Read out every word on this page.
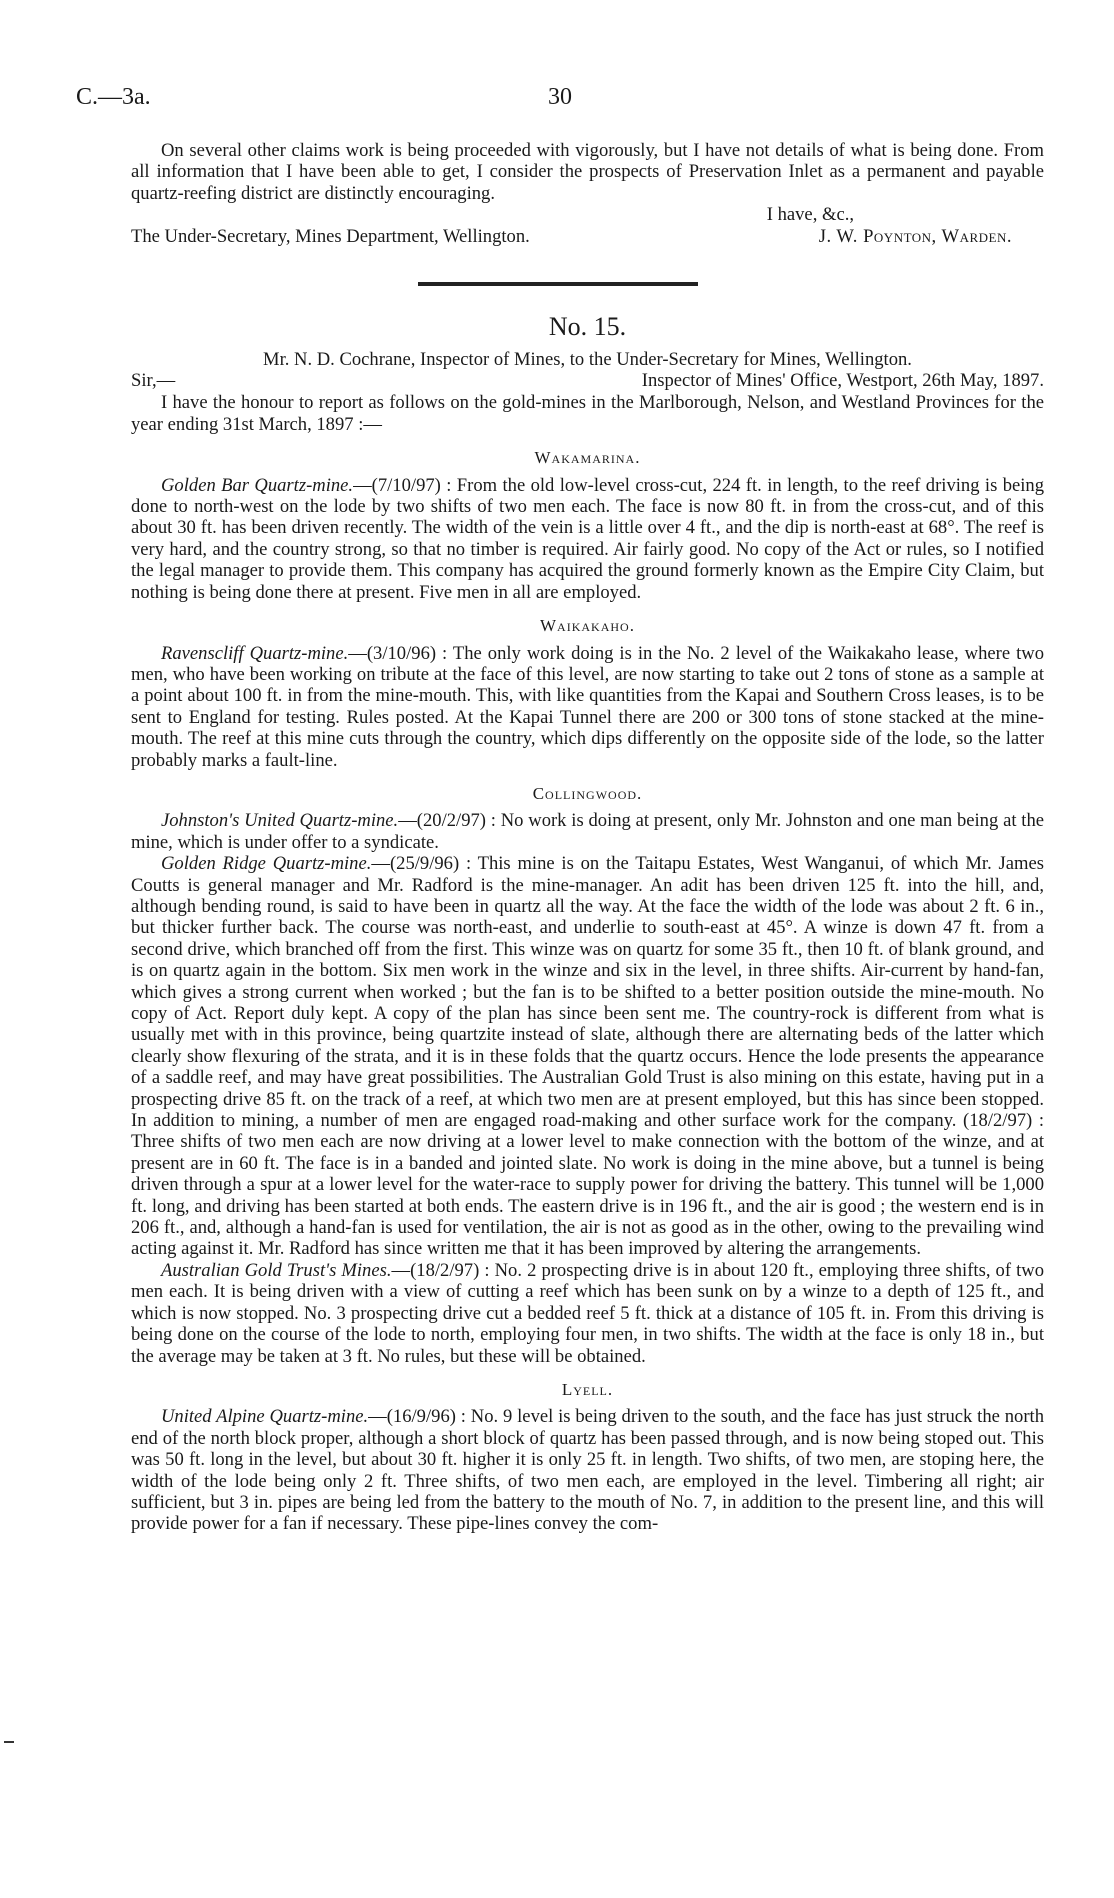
C.—3a.	30

On several other claims work is being proceeded with vigorously, but I have not details of what is being done. From all information that I have been able to get, I consider the prospects of Preservation Inlet as a permanent and payable quartz-reefing district are distinctly encouraging.

I have, &c.,
The Under-Secretary, Mines Department, Wellington.	J. W. Poynton, Warden.
No. 15.
Mr. N. D. Cochrane, Inspector of Mines, to the Under-Secretary for Mines, Wellington.
Sir,—	Inspector of Mines' Office, Westport, 26th May, 1897.

I have the honour to report as follows on the gold-mines in the Marlborough, Nelson, and Westland Provinces for the year ending 31st March, 1897 :—

Wakamarina.

Golden Bar Quartz-mine.—(7/10/97) : From the old low-level cross-cut, 224 ft. in length, to the reef driving is being done to north-west on the lode by two shifts of two men each. The face is now 80 ft. in from the cross-cut, and of this about 30 ft. has been driven recently. The width of the vein is a little over 4 ft., and the dip is north-east at 68°. The reef is very hard, and the country strong, so that no timber is required. Air fairly good. No copy of the Act or rules, so I notified the legal manager to provide them. This company has acquired the ground formerly known as the Empire City Claim, but nothing is being done there at present. Five men in all are employed.

Waikakaho.

Ravenscliff Quartz-mine.—(3/10/96) : The only work doing is in the No. 2 level of the Waikakaho lease, where two men, who have been working on tribute at the face of this level, are now starting to take out 2 tons of stone as a sample at a point about 100 ft. in from the mine-mouth. This, with like quantities from the Kapai and Southern Cross leases, is to be sent to England for testing. Rules posted. At the Kapai Tunnel there are 200 or 300 tons of stone stacked at the mine-mouth. The reef at this mine cuts through the country, which dips differently on the opposite side of the lode, so the latter probably marks a fault-line.

Collingwood.

Johnston's United Quartz-mine.—(20/2/97) : No work is doing at present, only Mr. Johnston and one man being at the mine, which is under offer to a syndicate.

Golden Ridge Quartz-mine.—(25/9/96) : This mine is on the Taitapu Estates, West Wanganui, of which Mr. James Coutts is general manager and Mr. Radford is the mine-manager. An adit has been driven 125 ft. into the hill, and, although bending round, is said to have been in quartz all the way. At the face the width of the lode was about 2 ft. 6 in., but thicker further back. The course was north-east, and underlie to south-east at 45°. A winze is down 47 ft. from a second drive, which branched off from the first. This winze was on quartz for some 35 ft., then 10 ft. of blank ground, and is on quartz again in the bottom. Six men work in the winze and six in the level, in three shifts. Air-current by hand-fan, which gives a strong current when worked ; but the fan is to be shifted to a better position outside the mine-mouth. No copy of Act. Report duly kept. A copy of the plan has since been sent me. The country-rock is different from what is usually met with in this province, being quartzite instead of slate, although there are alternating beds of the latter which clearly show flexuring of the strata, and it is in these folds that the quartz occurs. Hence the lode presents the appearance of a saddle reef, and may have great possibilities. The Australian Gold Trust is also mining on this estate, having put in a prospecting drive 85 ft. on the track of a reef, at which two men are at present employed, but this has since been stopped. In addition to mining, a number of men are engaged road-making and other surface work for the company. (18/2/97) : Three shifts of two men each are now driving at a lower level to make connection with the bottom of the winze, and at present are in 60 ft. The face is in a banded and jointed slate. No work is doing in the mine above, but a tunnel is being driven through a spur at a lower level for the water-race to supply power for driving the battery. This tunnel will be 1,000 ft. long, and driving has been started at both ends. The eastern drive is in 196 ft., and the air is good ; the western end is in 206 ft., and, although a hand-fan is used for ventilation, the air is not as good as in the other, owing to the prevailing wind acting against it. Mr. Radford has since written me that it has been improved by altering the arrangements.

Australian Gold Trust's Mines.—(18/2/97) : No. 2 prospecting drive is in about 120 ft., employing three shifts, of two men each. It is being driven with a view of cutting a reef which has been sunk on by a winze to a depth of 125 ft., and which is now stopped. No. 3 prospecting drive cut a bedded reef 5 ft. thick at a distance of 105 ft. in. From this driving is being done on the course of the lode to north, employing four men, in two shifts. The width at the face is only 18 in., but the average may be taken at 3 ft. No rules, but these will be obtained.

Lyell.

United Alpine Quartz-mine.—(16/9/96) : No. 9 level is being driven to the south, and the face has just struck the north end of the north block proper, although a short block of quartz has been passed through, and is now being stoped out. This was 50 ft. long in the level, but about 30 ft. higher it is only 25 ft. in length. Two shifts, of two men, are stoping here, the width of the lode being only 2 ft. Three shifts, of two men each, are employed in the level. Timbering all right; air sufficient, but 3 in. pipes are being led from the battery to the mouth of No. 7, in addition to the present line, and this will provide power for a fan if necessary. These pipe-lines convey the com-
